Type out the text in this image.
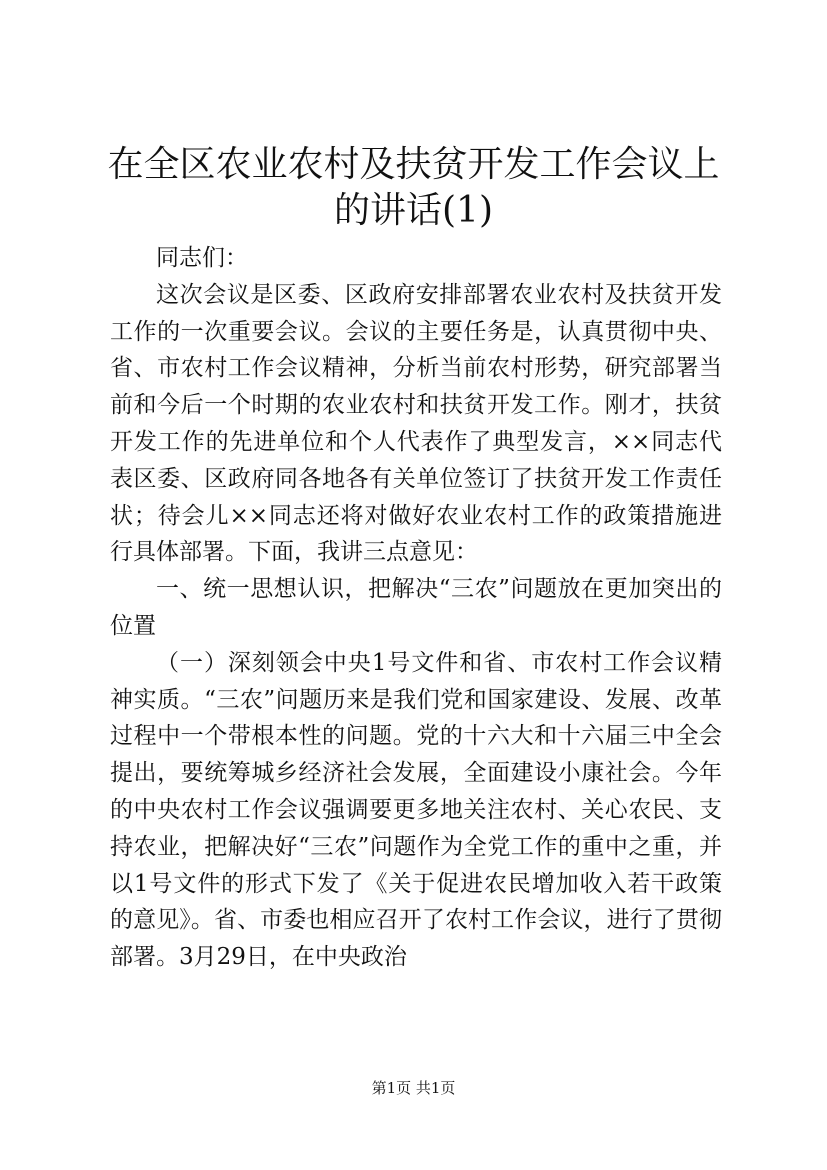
在全区农业农村及扶贫开发工作会议上的讲话(1)

同志们：

这次会议是区委、区政府安排部署农业农村及扶贫开发工作的一次重要会议。会议的主要任务是，认真贯彻中央、省、市农村工作会议精神，分析当前农村形势，研究部署当前和今后一个时期的农业农村和扶贫开发工作。刚才，扶贫开发工作的先进单位和个人代表作了典型发言，××同志代表区委、区政府同各地各有关单位签订了扶贫开发工作责任状；待会儿××同志还将对做好农业农村工作的政策措施进行具体部署。下面，我讲三点意见：

一、统一思想认识，把解决“三农”问题放在更加突出的位置

（一）深刻领会中央1号文件和省、市农村工作会议精神实质。“三农”问题历来是我们党和国家建设、发展、改革过程中一个带根本性的问题。党的十六大和十六届三中全会提出，要统筹城乡经济社会发展，全面建设小康社会。今年的中央农村工作会议强调要更多地关注农村、关心农民、支持农业，把解决好“三农”问题作为全党工作的重中之重，并以1号文件的形式下发了《关于促进农民增加收入若干政策的意见》。省、市委也相应召开了农村工作会议，进行了贯彻部署。3月29日，在中央政治

第1页 共1页
